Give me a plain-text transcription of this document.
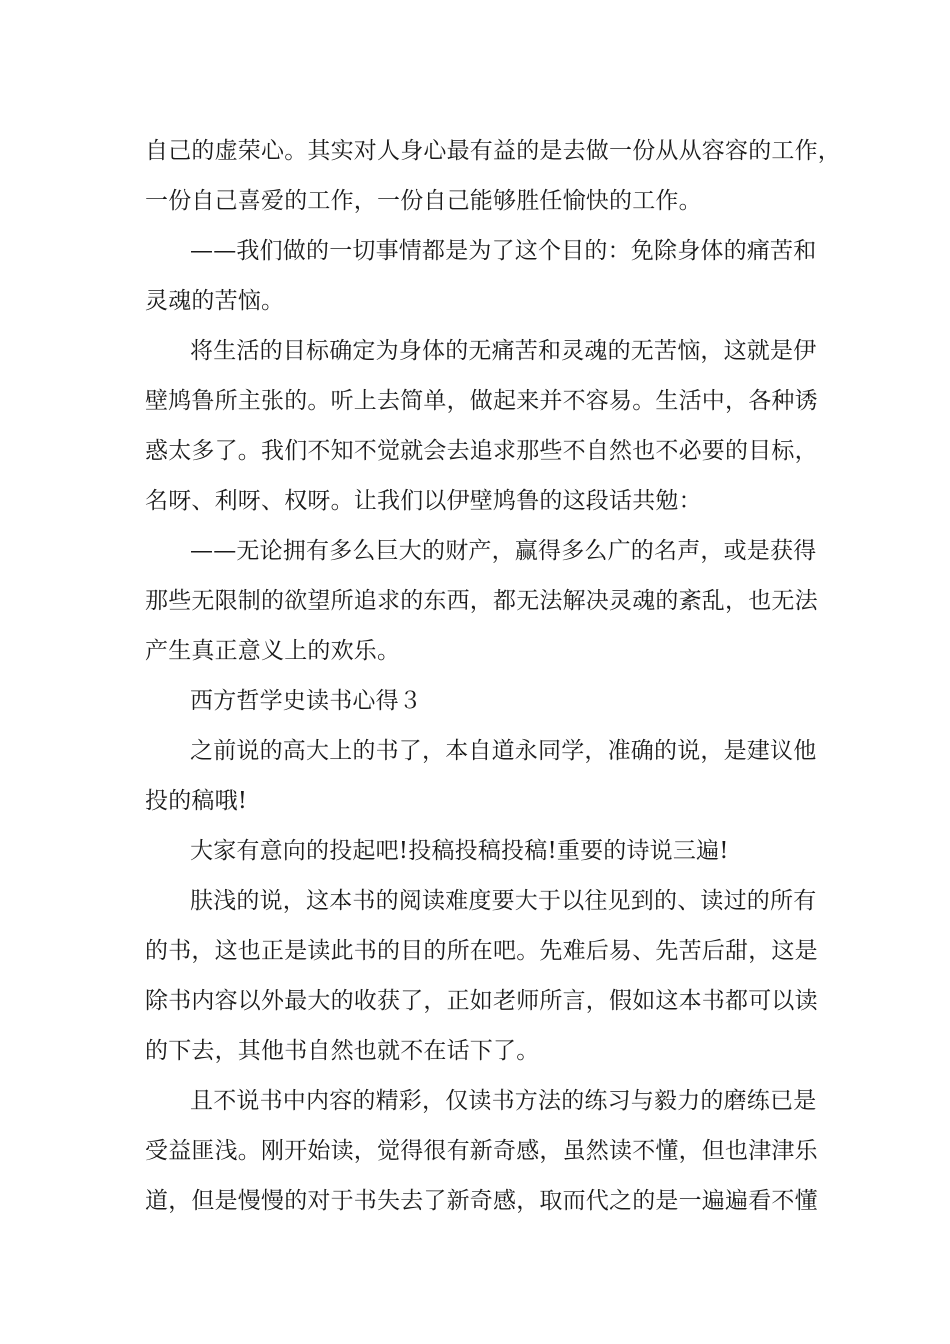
自己的虚荣心。其实对人身心最有益的是去做一份从从容容的工作，
一份自己喜爱的工作，一份自己能够胜任愉快的工作。
——我们做的一切事情都是为了这个目的：免除身体的痛苦和
灵魂的苦恼。
将生活的目标确定为身体的无痛苦和灵魂的无苦恼，这就是伊
壁鸠鲁所主张的。听上去简单，做起来并不容易。生活中，各种诱
惑太多了。我们不知不觉就会去追求那些不自然也不必要的目标，
名呀、利呀、权呀。让我们以伊壁鸠鲁的这段话共勉：
——无论拥有多么巨大的财产，赢得多么广的名声，或是获得
那些无限制的欲望所追求的东西，都无法解决灵魂的紊乱，也无法
产生真正意义上的欢乐。
西方哲学史读书心得３
之前说的高大上的书了，本自道永同学，准确的说，是建议他
投的稿哦!
大家有意向的投起吧!投稿投稿投稿!重要的诗说三遍!
肤浅的说，这本书的阅读难度要大于以往见到的、读过的所有
的书，这也正是读此书的目的所在吧。先难后易、先苦后甜，这是
除书内容以外最大的收获了，正如老师所言，假如这本书都可以读
的下去，其他书自然也就不在话下了。
且不说书中内容的精彩，仅读书方法的练习与毅力的磨练已是
受益匪浅。刚开始读，觉得很有新奇感，虽然读不懂，但也津津乐
道，但是慢慢的对于书失去了新奇感，取而代之的是一遍遍看不懂
